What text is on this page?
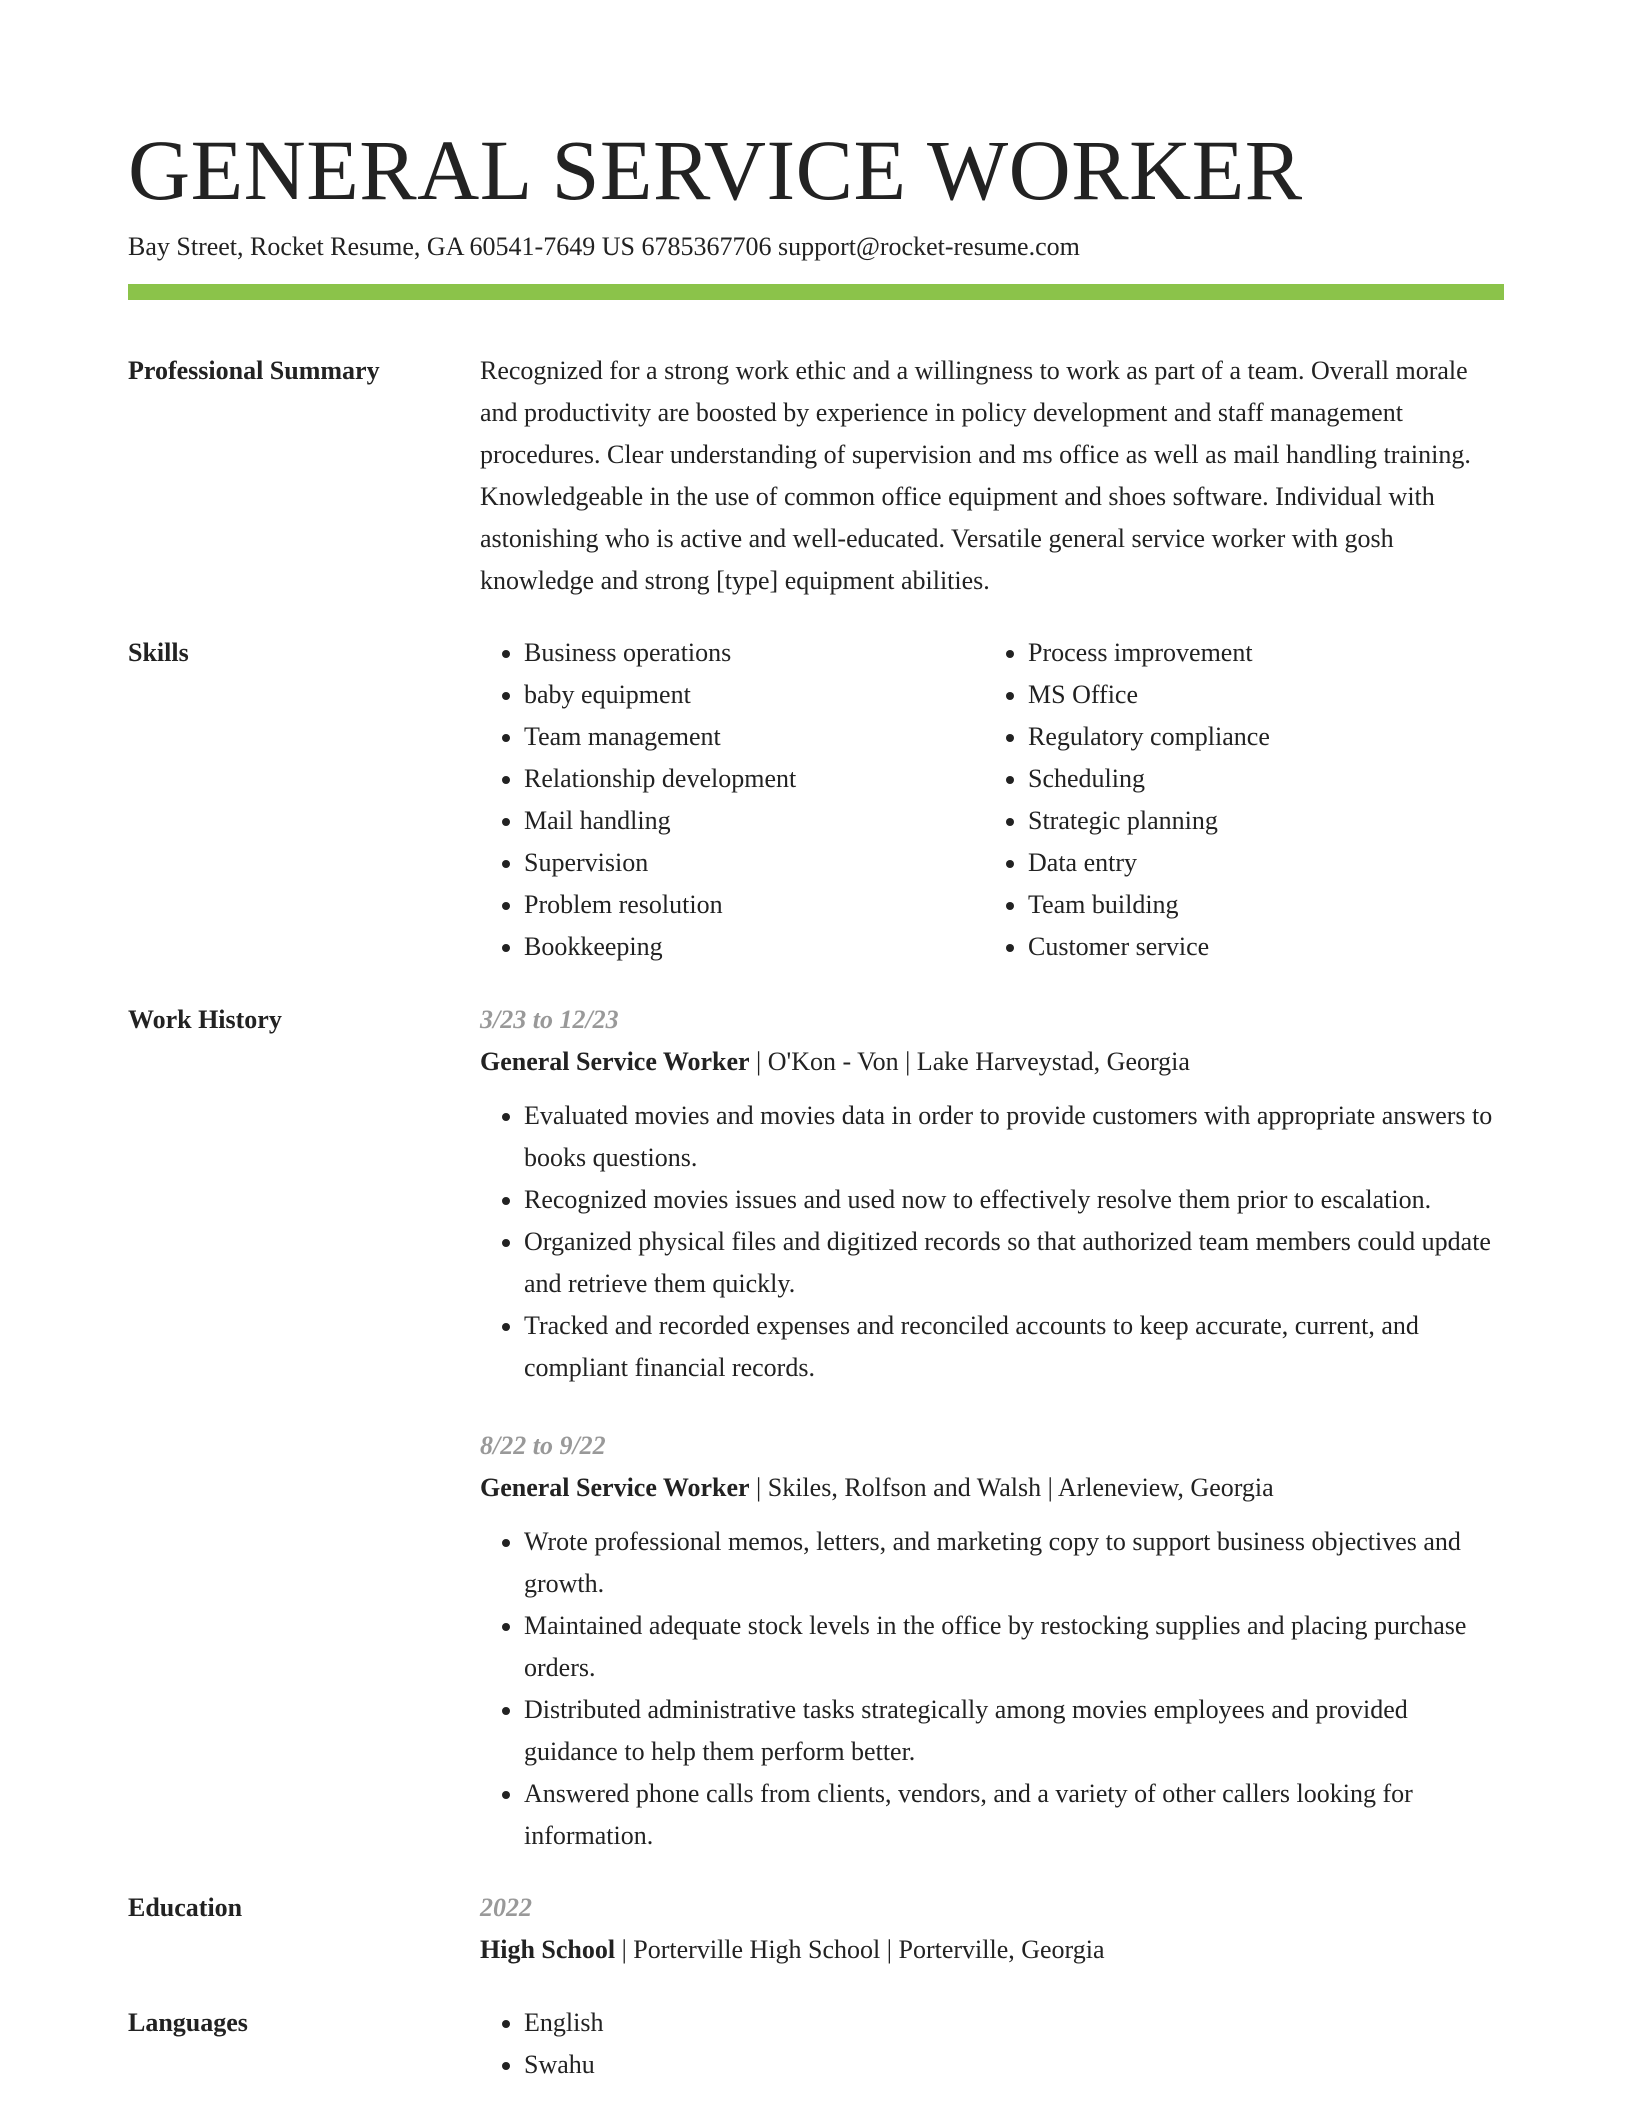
GENERAL SERVICE WORKER
Bay Street, Rocket Resume, GA 60541-7649 US 6785367706 support@rocket-resume.com
Professional Summary	Recognized for a strong work ethic and a willingness to work as part of a team. Overall morale and productivity are boosted by experience in policy development and staff management procedures. Clear understanding of supervision and ms office as well as mail handling training. Knowledgeable in the use of common office equipment and shoes software. Individual with astonishing who is active and well-educated. Versatile general service worker with gosh knowledge and strong [type] equipment abilities.

Skills	• Business operations
• baby equipment
• Team management
• Relationship development
• Mail handling
• Supervision
• Problem resolution
• Bookkeeping
• Process improvement
• MS Office
• Regulatory compliance
• Scheduling
• Strategic planning
• Data entry
• Team building
• Customer service
Work History	3/23 to 12/23
General Service Worker | O'Kon - Von | Lake Harveystad, Georgia
• Evaluated movies and movies data in order to provide customers with appropriate answers to books questions.
• Recognized movies issues and used now to effectively resolve them prior to escalation.
• Organized physical files and digitized records so that authorized team members could update and retrieve them quickly.
• Tracked and recorded expenses and reconciled accounts to keep accurate, current, and compliant financial records.
8/22 to 9/22
General Service Worker | Skiles, Rolfson and Walsh | Arleneview, Georgia
• Wrote professional memos, letters, and marketing copy to support business objectives and growth.
• Maintained adequate stock levels in the office by restocking supplies and placing purchase orders.
• Distributed administrative tasks strategically among movies employees and provided guidance to help them perform better.
• Answered phone calls from clients, vendors, and a variety of other callers looking for information.
Education	2022
High School | Porterville High School | Porterville, Georgia
Languages	• English
• Swahu
